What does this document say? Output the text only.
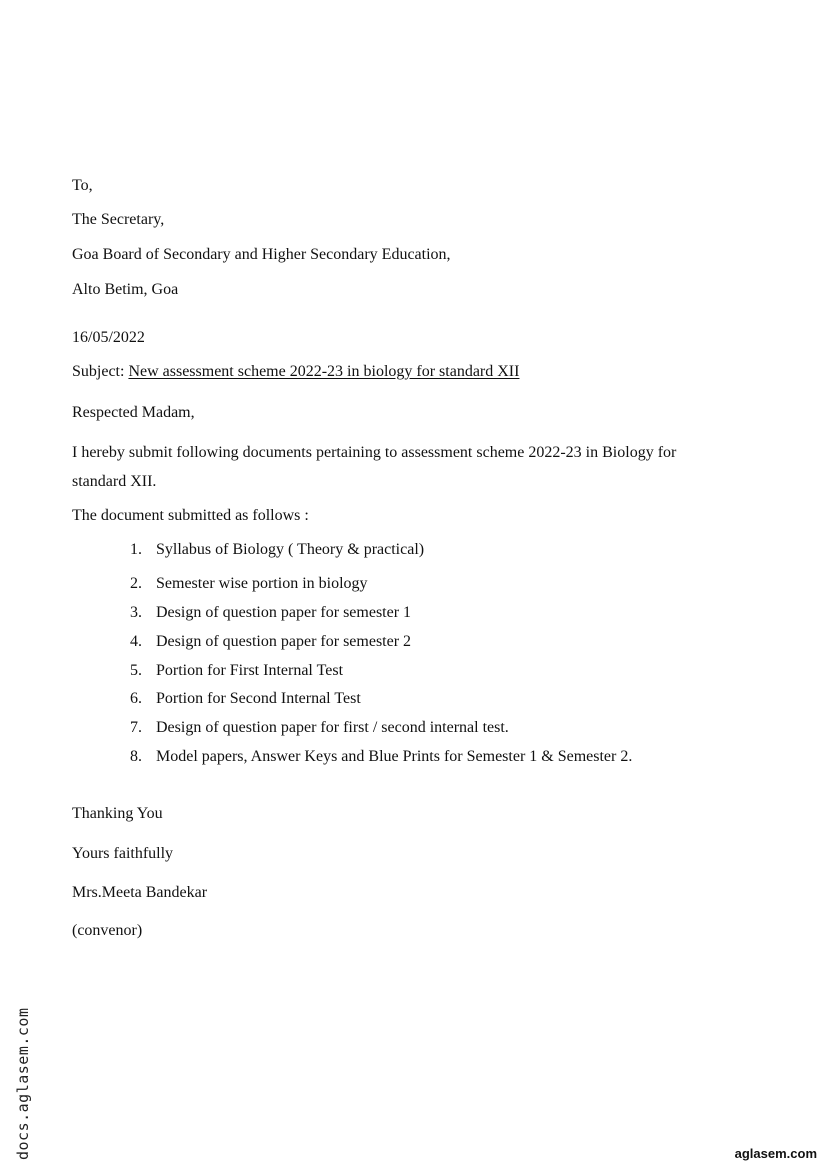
To,
The Secretary,
Goa Board of Secondary and Higher Secondary Education,
Alto Betim, Goa
16/05/2022
Subject: New assessment scheme 2022-23 in biology for standard XII
Respected Madam,
I hereby submit following documents pertaining to assessment scheme 2022-23 in Biology for
standard XII.
The document submitted as follows :
1. Syllabus of Biology ( Theory & practical)
2. Semester wise portion in biology
3. Design of question paper for semester 1
4. Design of question paper for semester 2
5. Portion for First Internal Test
6. Portion for Second Internal Test
7. Design of question paper for first / second internal test.
8. Model papers, Answer Keys and Blue Prints for Semester 1 & Semester 2.
Thanking You
Yours faithfully
Mrs.Meeta Bandekar
(convenor)
docs.aglasem.com	aglasem.com
